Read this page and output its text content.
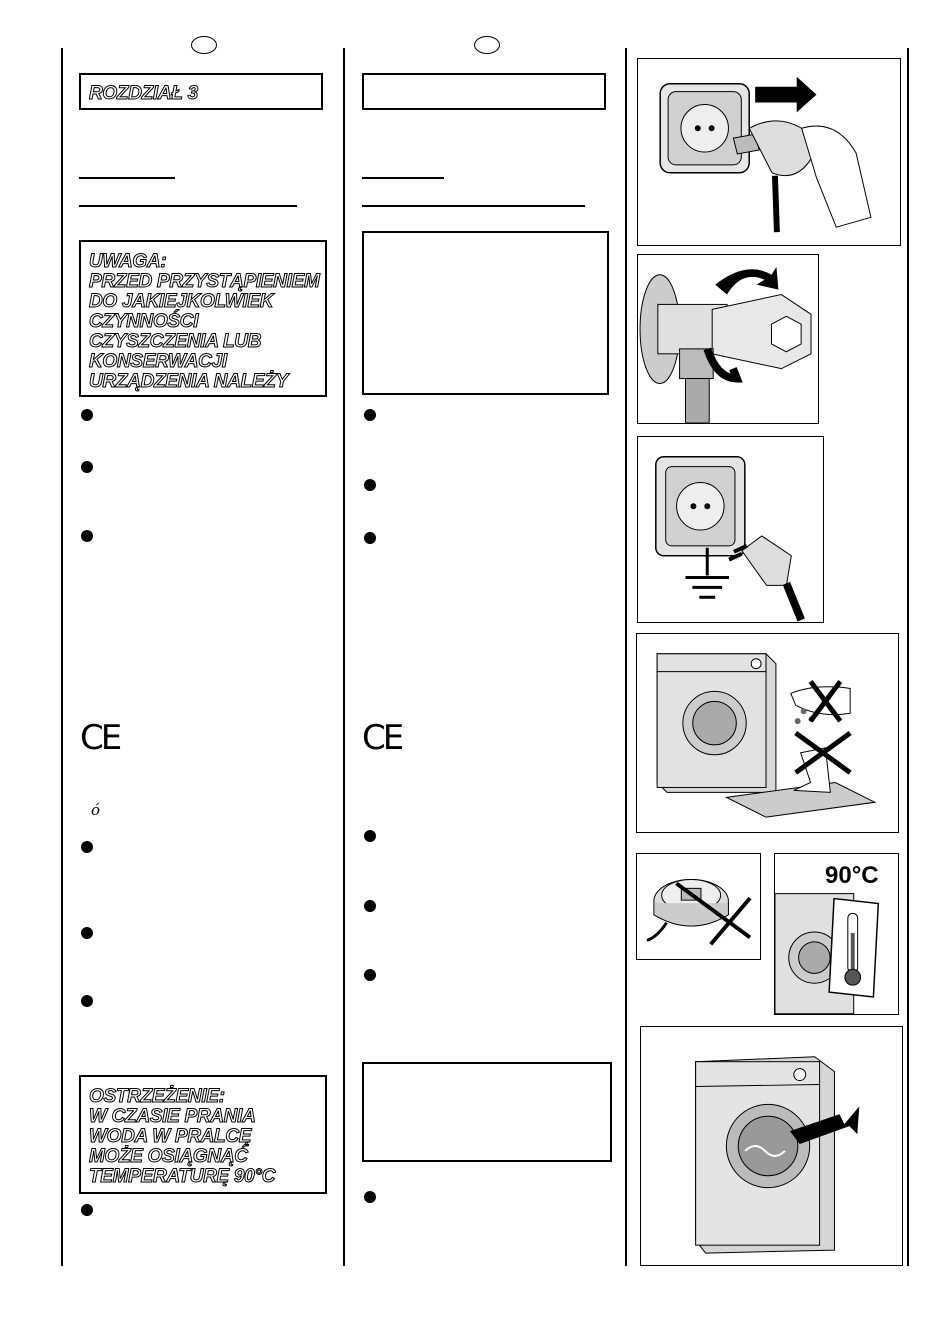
ROZDZIAŁ 3
UWAGA:
PRZED PRZYSTĄPIENIEM
DO JAKIEJKOLWIEK
CZYNNOŚCI
CZYSZCZENIA LUB
KONSERWACJI
URZĄDZENIA NALEŻY
CE
ó
OSTRZEŻENIE:
W CZASIE PRANIA
WODA W PRALCĘ
MOŻE OSIĄGNĄĆ
TEMPERATURĘ 90°C
CE
90°C
